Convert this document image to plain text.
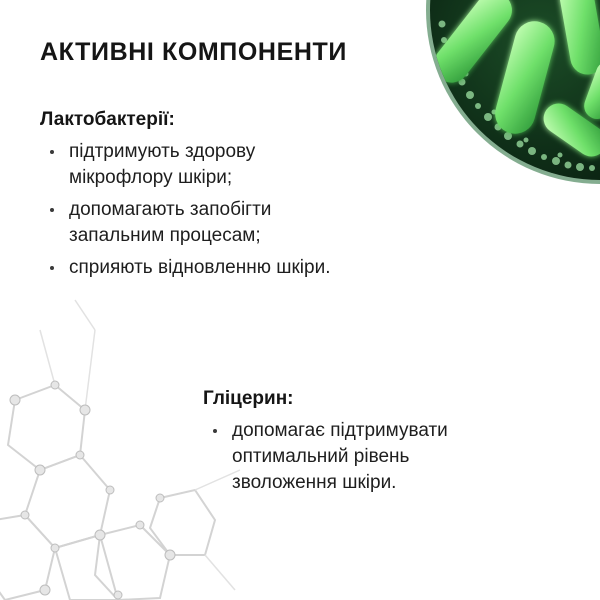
АКТИВНІ КОМПОНЕНТИ
Лактобактерії:
підтримують здорову
мікрофлору шкіри;
допомагають запобігти
запальним процесам;
сприяють відновленню шкіри.
Гліцерин:
допомагає підтримувати
оптимальний рівень
зволоження шкіри.
